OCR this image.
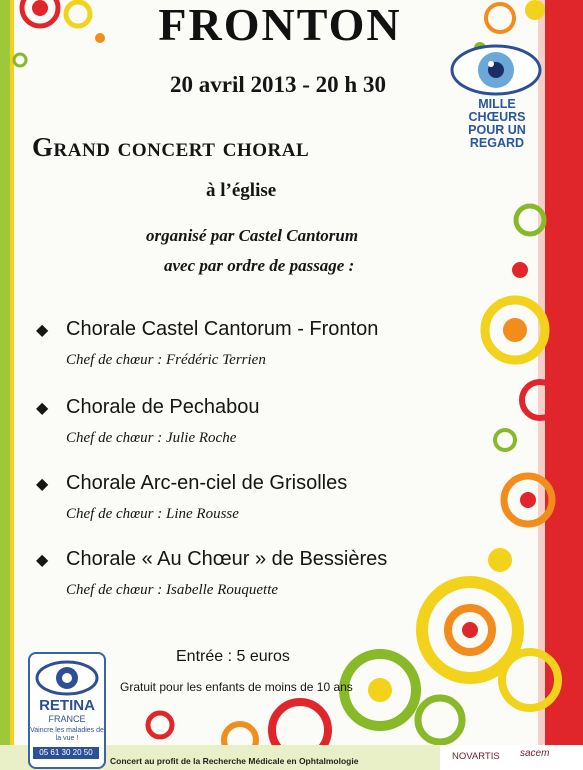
FRONTON
20 avril 2013 - 20 h 30
Grand concert choral
à l’église
organisé par Castel Cantorum
avec par ordre de passage :
◆ Chorale Castel Cantorum - Fronton
Chef de chœur : Frédéric Terrien
◆ Chorale de Pechabou
Chef de chœur : Julie Roche
◆ Chorale Arc-en-ciel de Grisolles
Chef de chœur : Line Rousse
◆ Chorale « Au Chœur » de Bessières
Chef de chœur : Isabelle Rouquette
Entrée : 5 euros
Gratuit pour les enfants de moins de 10 ans
MILLE
CHŒURS
POUR UN
REGARD
RETINA
FRANCE
Vaincre les maladies de la vue !
05 61 30 20 50
Concert au profit de la Recherche Médicale en Ophtalmologie	NOVARTIS sacem
